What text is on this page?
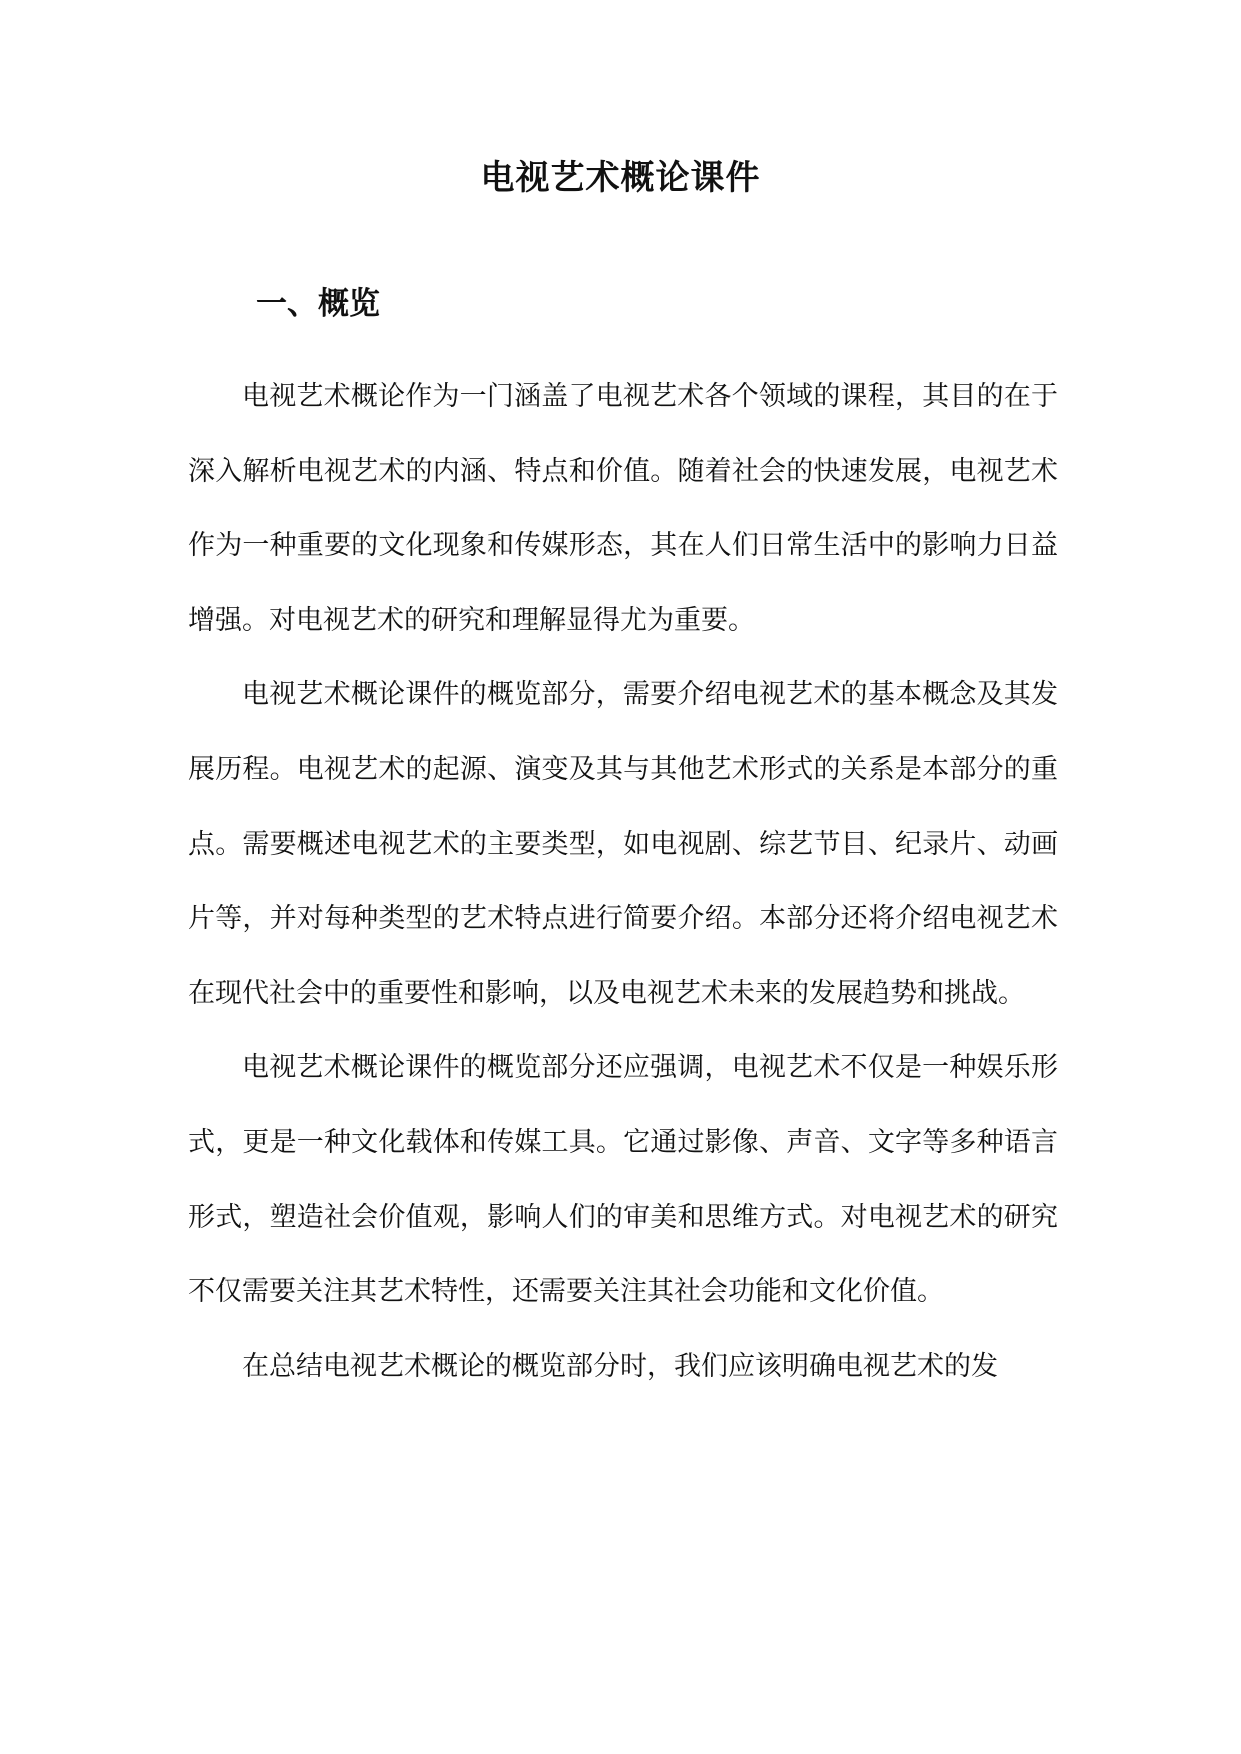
电视艺术概论课件
一、概览

电视艺术概论作为一门涵盖了电视艺术各个领域的课程，其目的在于深入解析电视艺术的内涵、特点和价值。随着社会的快速发展，电视艺术作为一种重要的文化现象和传媒形态，其在人们日常生活中的影响力日益增强。对电视艺术的研究和理解显得尤为重要。

电视艺术概论课件的概览部分，需要介绍电视艺术的基本概念及其发展历程。电视艺术的起源、演变及其与其他艺术形式的关系是本部分的重点。需要概述电视艺术的主要类型，如电视剧、综艺节目、纪录片、动画片等，并对每种类型的艺术特点进行简要介绍。本部分还将介绍电视艺术在现代社会中的重要性和影响，以及电视艺术未来的发展趋势和挑战。

电视艺术概论课件的概览部分还应强调，电视艺术不仅是一种娱乐形式，更是一种文化载体和传媒工具。它通过影像、声音、文字等多种语言形式，塑造社会价值观，影响人们的审美和思维方式。对电视艺术的研究不仅需要关注其艺术特性，还需要关注其社会功能和文化价值。

在总结电视艺术概论的概览部分时，我们应该明确电视艺术的发
